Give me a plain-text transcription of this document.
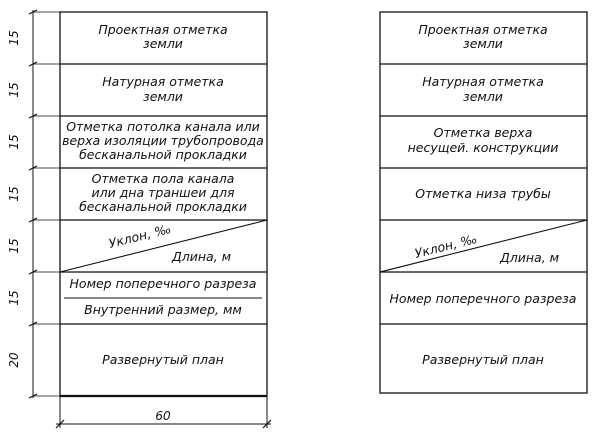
15
15
15
15
15
15
20
Проектная отметка
земли
Натурная отметка
земли
Отметка потолка канала или
верха изоляции трубопровода
бесканальной прокладки
Отметка пола канала
или дна траншеи для
бесканальной прокладки
Уклон, ‰
Длина, м
Номер поперечного разреза
Внутренний размер, мм
Развернутый план
60
Проектная отметка
земли
Натурная отметка
земли
Отметка верха
несущей. конструкции
Отметка низа трубы
Уклон, ‰ Длина, м
Номер поперечного разреза
Развернутый план
